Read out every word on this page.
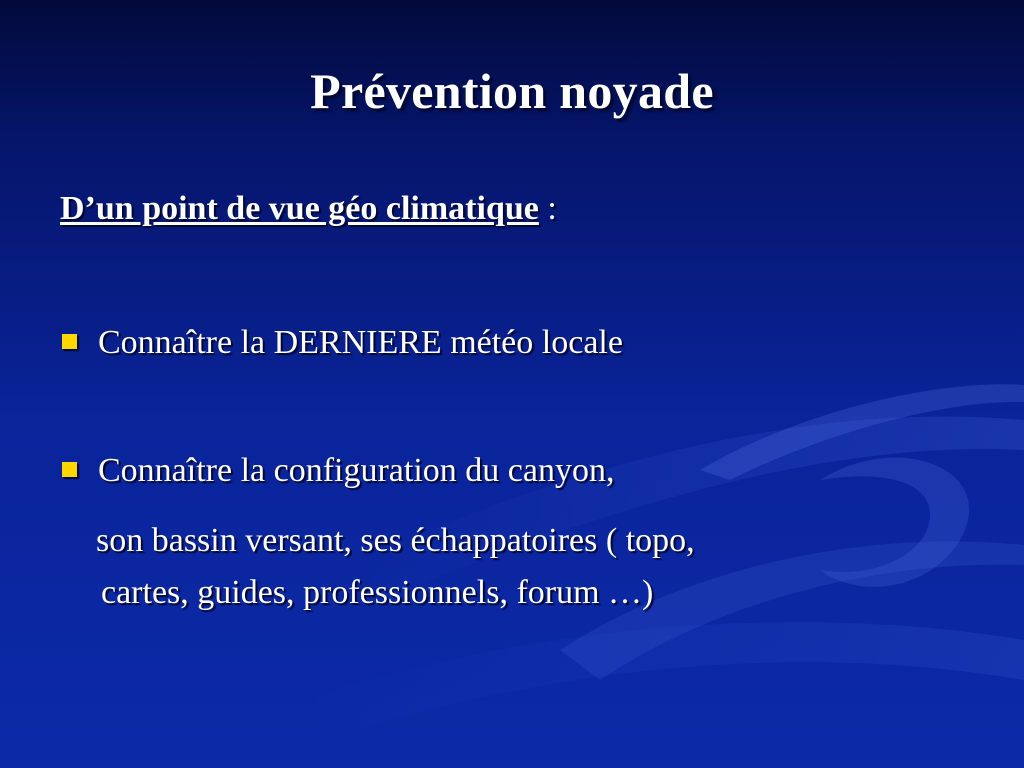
Prévention noyade
D’un point de vue géo climatique :
Connaître la DERNIERE météo locale
Connaître la configuration du canyon,
son bassin versant, ses échappatoires ( topo,
cartes, guides, professionnels, forum …)
